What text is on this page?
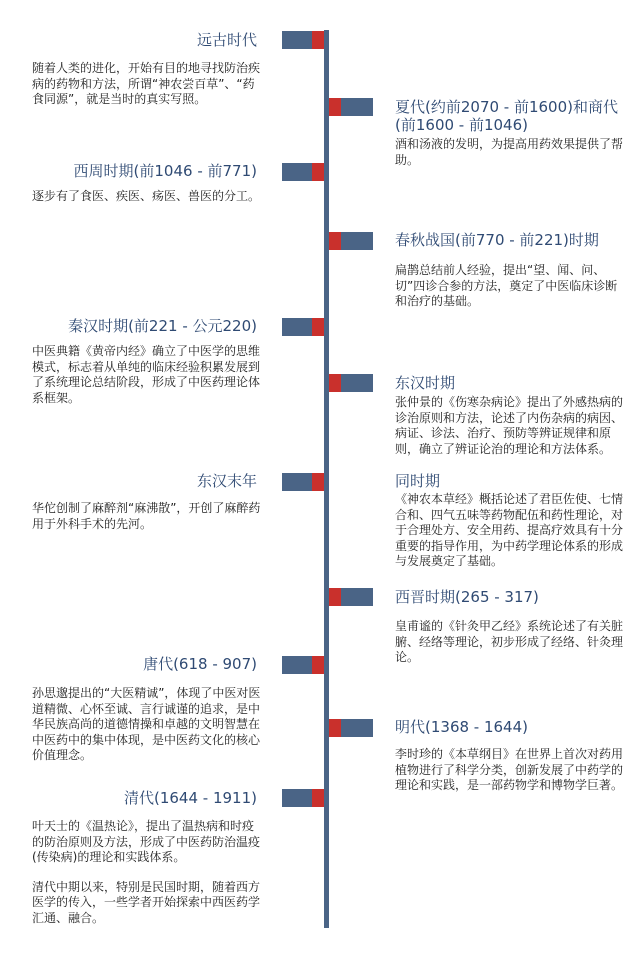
远古时代

随着人类的进化，开始有目的地寻找防治疾病的药物和方法，所谓“神农尝百草”、“药食同源”，就是当时的真实写照。	夏代(约前2070 - 前1600)和商代(前1600 - 前1046)

酒和汤液的发明，为提高用药效果提供了帮助。

西周时期(前1046 - 前771)

逐步有了食医、疾医、疡医、兽医的分工。

春秋战国(前770 - 前221)时期

扁鹊总结前人经验，提出“望、闻、问、切”四诊合参的方法，奠定了中医临床诊断和治疗的基础。

秦汉时期(前221 - 公元220)

中医典籍《黄帝内经》确立了中医学的思维模式，标志着从单纯的临床经验积累发展到了系统理论总结阶段，形成了中医药理论体系框架。

东汉时期

张仲景的《伤寒杂病论》提出了外感热病的诊治原则和方法，论述了内伤杂病的病因、病证、诊法、治疗、预防等辨证规律和原则，确立了辨证论治的理论和方法体系。

东汉末年

华佗创制了麻醉剂“麻沸散”，开创了麻醉药用于外科手术的先河。

同时期

《神农本草经》概括论述了君臣佐使、七情合和、四气五味等药物配伍和药性理论，对于合理处方、安全用药、提高疗效具有十分重要的指导作用，为中药学理论体系的形成与发展奠定了基础。

西晋时期(265 - 317)

皇甫谧的《针灸甲乙经》系统论述了有关脏腑、经络等理论，初步形成了经络、针灸理论。

唐代(618 - 907)

孙思邈提出的“大医精诚”，体现了中医对医道精微、心怀至诚、言行诚谨的追求，是中华民族高尚的道德情操和卓越的文明智慧在中医药中的集中体现，是中医药文化的核心价值理念。

明代(1368 - 1644)

李时珍的《本草纲目》在世界上首次对药用植物进行了科学分类，创新发展了中药学的理论和实践，是一部药物学和博物学巨著。

清代(1644 - 1911)

叶天士的《温热论》，提出了温热病和时疫的防治原则及方法，形成了中医药防治温疫(传染病)的理论和实践体系。

清代中期以来，特别是民国时期，随着西方医学的传入，一些学者开始探索中西医药学汇通、融合。
